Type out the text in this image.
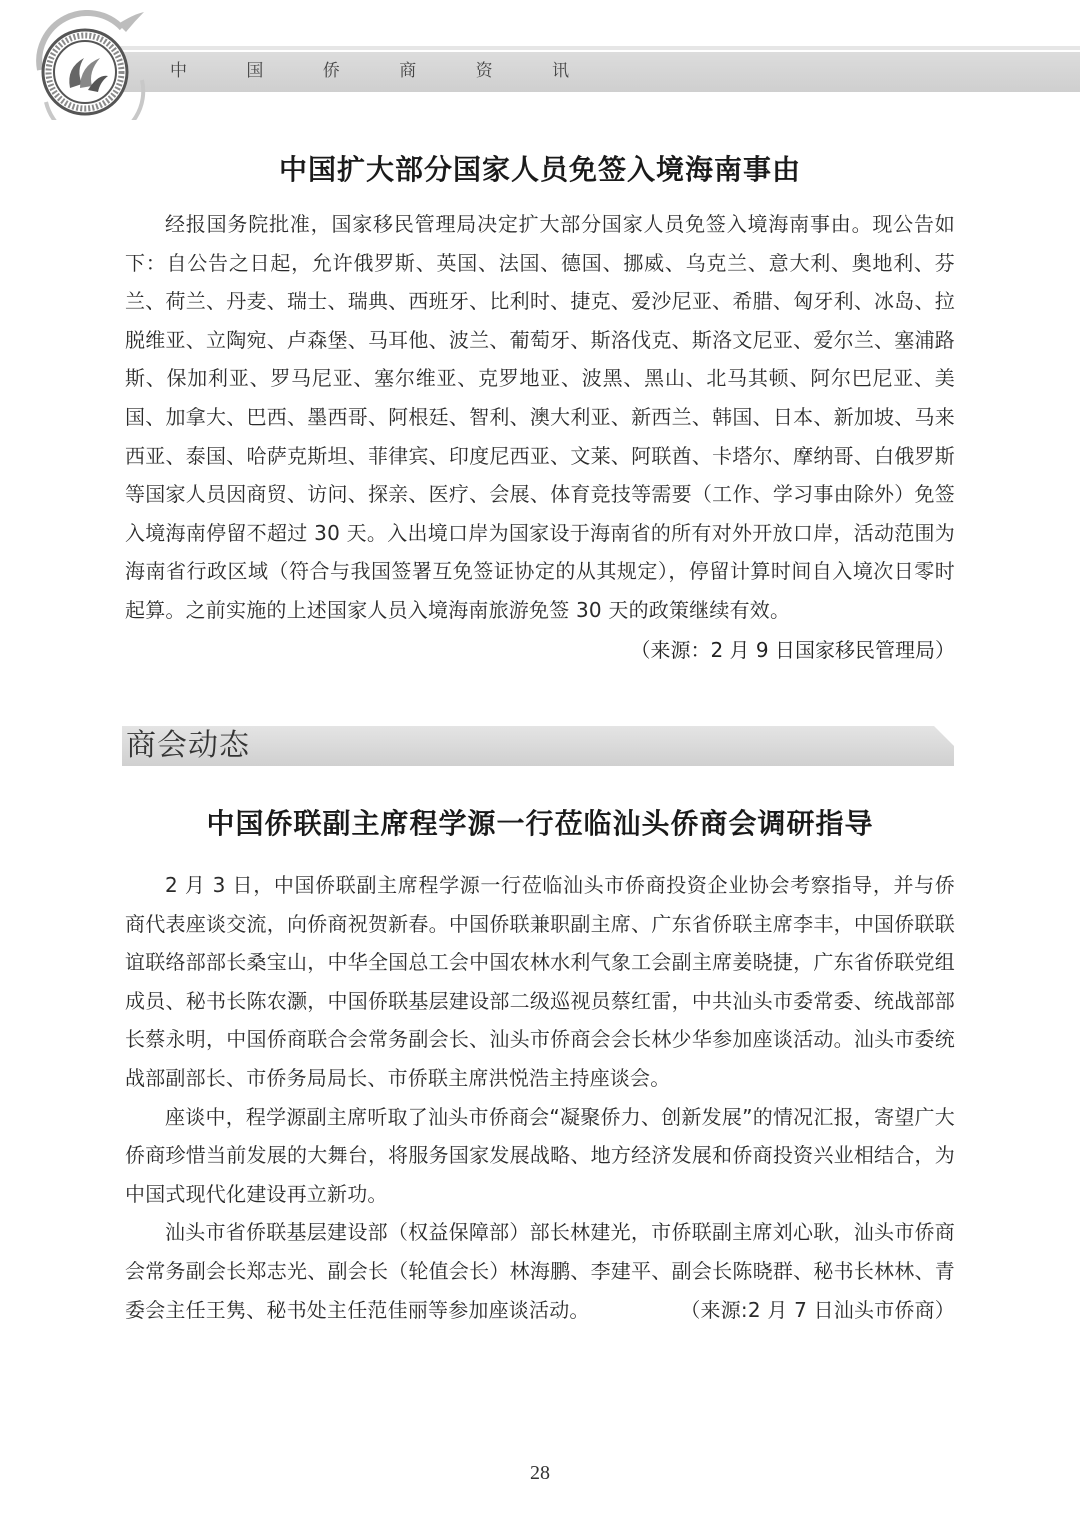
中 国 侨 商 资 讯
中国扩大部分国家人员免签入境海南事由

经报国务院批准，国家移民管理局决定扩大部分国家人员免签入境海南事由。现公告如下：自公告之日起，允许俄罗斯、英国、法国、德国、挪威、乌克兰、意大利、奥地利、芬兰、荷兰、丹麦、瑞士、瑞典、西班牙、比利时、捷克、爱沙尼亚、希腊、匈牙利、冰岛、拉脱维亚、立陶宛、卢森堡、马耳他、波兰、葡萄牙、斯洛伐克、斯洛文尼亚、爱尔兰、塞浦路斯、保加利亚、罗马尼亚、塞尔维亚、克罗地亚、波黑、黑山、北马其顿、阿尔巴尼亚、美国、加拿大、巴西、墨西哥、阿根廷、智利、澳大利亚、新西兰、韩国、日本、新加坡、马来西亚、泰国、哈萨克斯坦、菲律宾、印度尼西亚、文莱、阿联酋、卡塔尔、摩纳哥、白俄罗斯等国家人员因商贸、访问、探亲、医疗、会展、体育竞技等需要（工作、学习事由除外）免签入境海南停留不超过 30 天。入出境口岸为国家设于海南省的所有对外开放口岸，活动范围为海南省行政区域（符合与我国签署互免签证协定的从其规定），停留计算时间自入境次日零时起算。之前实施的上述国家人员入境海南旅游免签 30 天的政策继续有效。

（来源：2 月 9 日国家移民管理局）
商会动态
中国侨联副主席程学源一行莅临汕头侨商会调研指导

2 月 3 日，中国侨联副主席程学源一行莅临汕头市侨商投资企业协会考察指导，并与侨商代表座谈交流，向侨商祝贺新春。中国侨联兼职副主席、广东省侨联主席李丰，中国侨联联谊联络部部长桑宝山，中华全国总工会中国农林水利气象工会副主席姜晓捷，广东省侨联党组成员、秘书长陈农灏，中国侨联基层建设部二级巡视员蔡红雷，中共汕头市委常委、统战部部长蔡永明，中国侨商联合会常务副会长、汕头市侨商会会长林少华参加座谈活动。汕头市委统战部副部长、市侨务局局长、市侨联主席洪悦浩主持座谈会。

座谈中，程学源副主席听取了汕头市侨商会“凝聚侨力、创新发展”的情况汇报，寄望广大侨商珍惜当前发展的大舞台，将服务国家发展战略、地方经济发展和侨商投资兴业相结合，为中国式现代化建设再立新功。

汕头市省侨联基层建设部（权益保障部）部长林建光，市侨联副主席刘心耿，汕头市侨商会常务副会长郑志光、副会长（轮值会长）林海鹏、李建平、副会长陈晓群、秘书长林林、青委会主任王隽、秘书处主任范佳丽等参加座谈活动。	（来源:2 月 7 日汕头市侨商）

28
